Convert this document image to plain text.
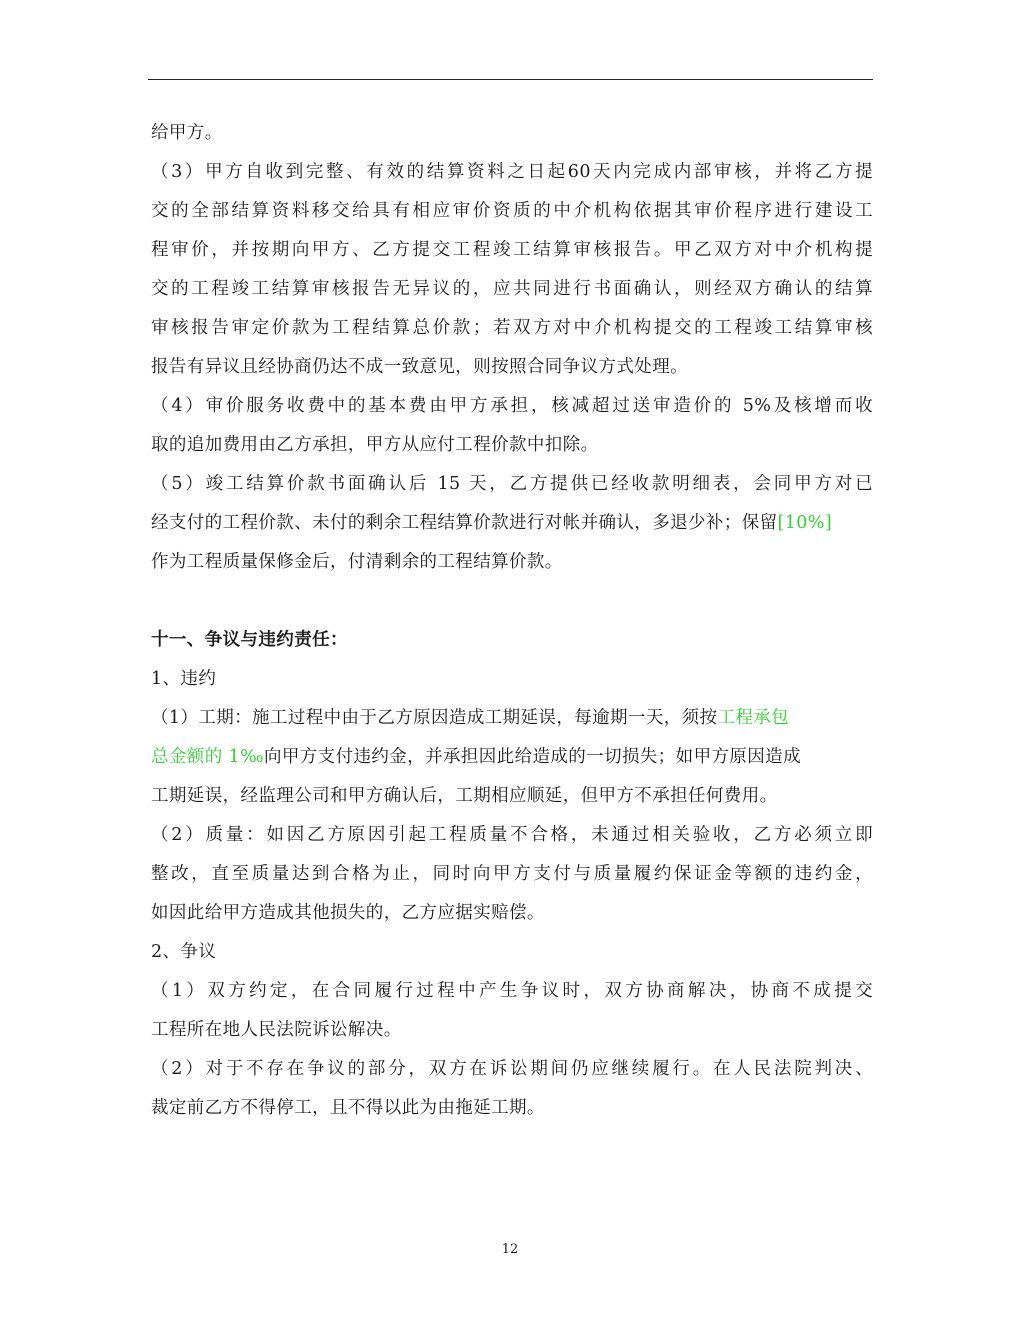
给甲方。
（3）甲方自收到完整、有效的结算资料之日起60天内完成内部审核，并将乙方提
交的全部结算资料移交给具有相应审价资质的中介机构依据其审价程序进行建设工
程审价，并按期向甲方、乙方提交工程竣工结算审核报告。甲乙双方对中介机构提
交的工程竣工结算审核报告无异议的，应共同进行书面确认，则经双方确认的结算
审核报告审定价款为工程结算总价款；若双方对中介机构提交的工程竣工结算审核
报告有异议且经协商仍达不成一致意见，则按照合同争议方式处理。
（4）审价服务收费中的基本费由甲方承担，核减超过送审造价的 5%及核增而收
取的追加费用由乙方承担，甲方从应付工程价款中扣除。
（5）竣工结算价款书面确认后 15 天，乙方提供已经收款明细表，会同甲方对已
经支付的工程价款、未付的剩余工程结算价款进行对帐并确认，多退少补；保留[10%]
作为工程质量保修金后，付清剩余的工程结算价款。
十一、争议与违约责任：
1、违约
（1）工期：施工过程中由于乙方原因造成工期延误，每逾期一天，须按工程承包
总金额的 1‰向甲方支付违约金，并承担因此给造成的一切损失；如甲方原因造成
工期延误，经监理公司和甲方确认后，工期相应顺延，但甲方不承担任何费用。
（2）质量：如因乙方原因引起工程质量不合格，未通过相关验收，乙方必须立即
整改，直至质量达到合格为止，同时向甲方支付与质量履约保证金等额的违约金，
如因此给甲方造成其他损失的，乙方应据实赔偿。
2、争议
（1）双方约定，在合同履行过程中产生争议时，双方协商解决，协商不成提交
工程所在地人民法院诉讼解决。
（2）对于不存在争议的部分，双方在诉讼期间仍应继续履行。在人民法院判决、
裁定前乙方不得停工，且不得以此为由拖延工期。
12
